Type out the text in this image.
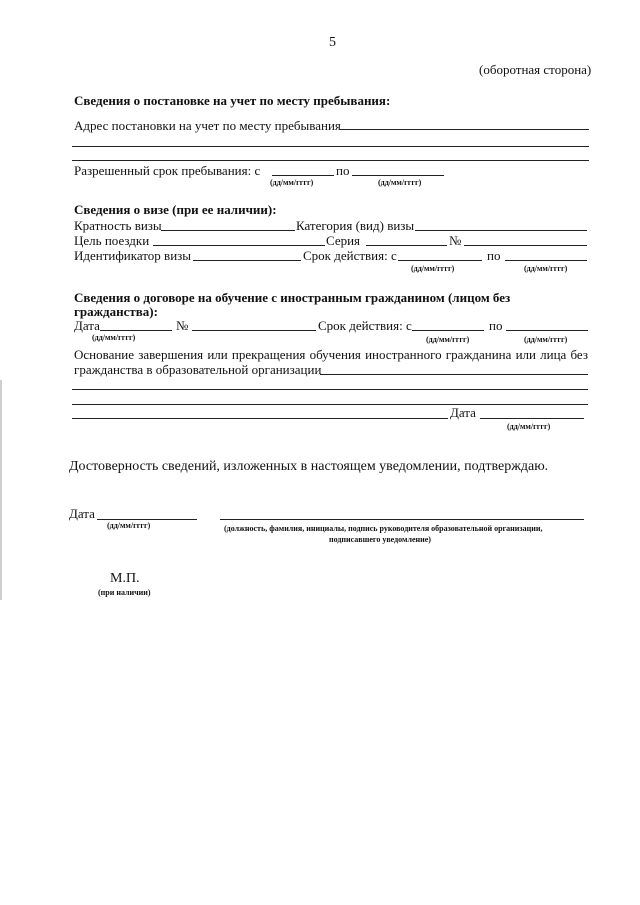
5
(оборотная сторона)
Сведения о постановке на учет по месту пребывания:
Адрес постановки на учет по месту пребывания
Разрешенный срок пребывания: с	по
(дд/мм/гггг)	(дд/мм/гггг)
Сведения о визе (при ее наличии):
Кратность визы	Категория (вид) визы
Цель поездки	Серия	№
Идентификатор визы	Срок действия: с	по
(дд/мм/гггг)	(дд/мм/гггг)
Сведения о договоре на обучение с иностранным гражданином (лицом без
гражданства):
Дата	№	Срок действия: с	по
(дд/мм/гггг)	(дд/мм/гггг)	(дд/мм/гггг)
Основание завершения или прекращения обучения иностранного гражданина или лица без
гражданства в образовательной организации
Дата
(дд/мм/гггг)
Достоверность сведений, изложенных в настоящем уведомлении, подтверждаю.
Дата
(дд/мм/гггг)	(должность, фамилия, инициалы, подпись руководителя образовательной организации,
подписавшего уведомление)
М.П.
(при наличии)
